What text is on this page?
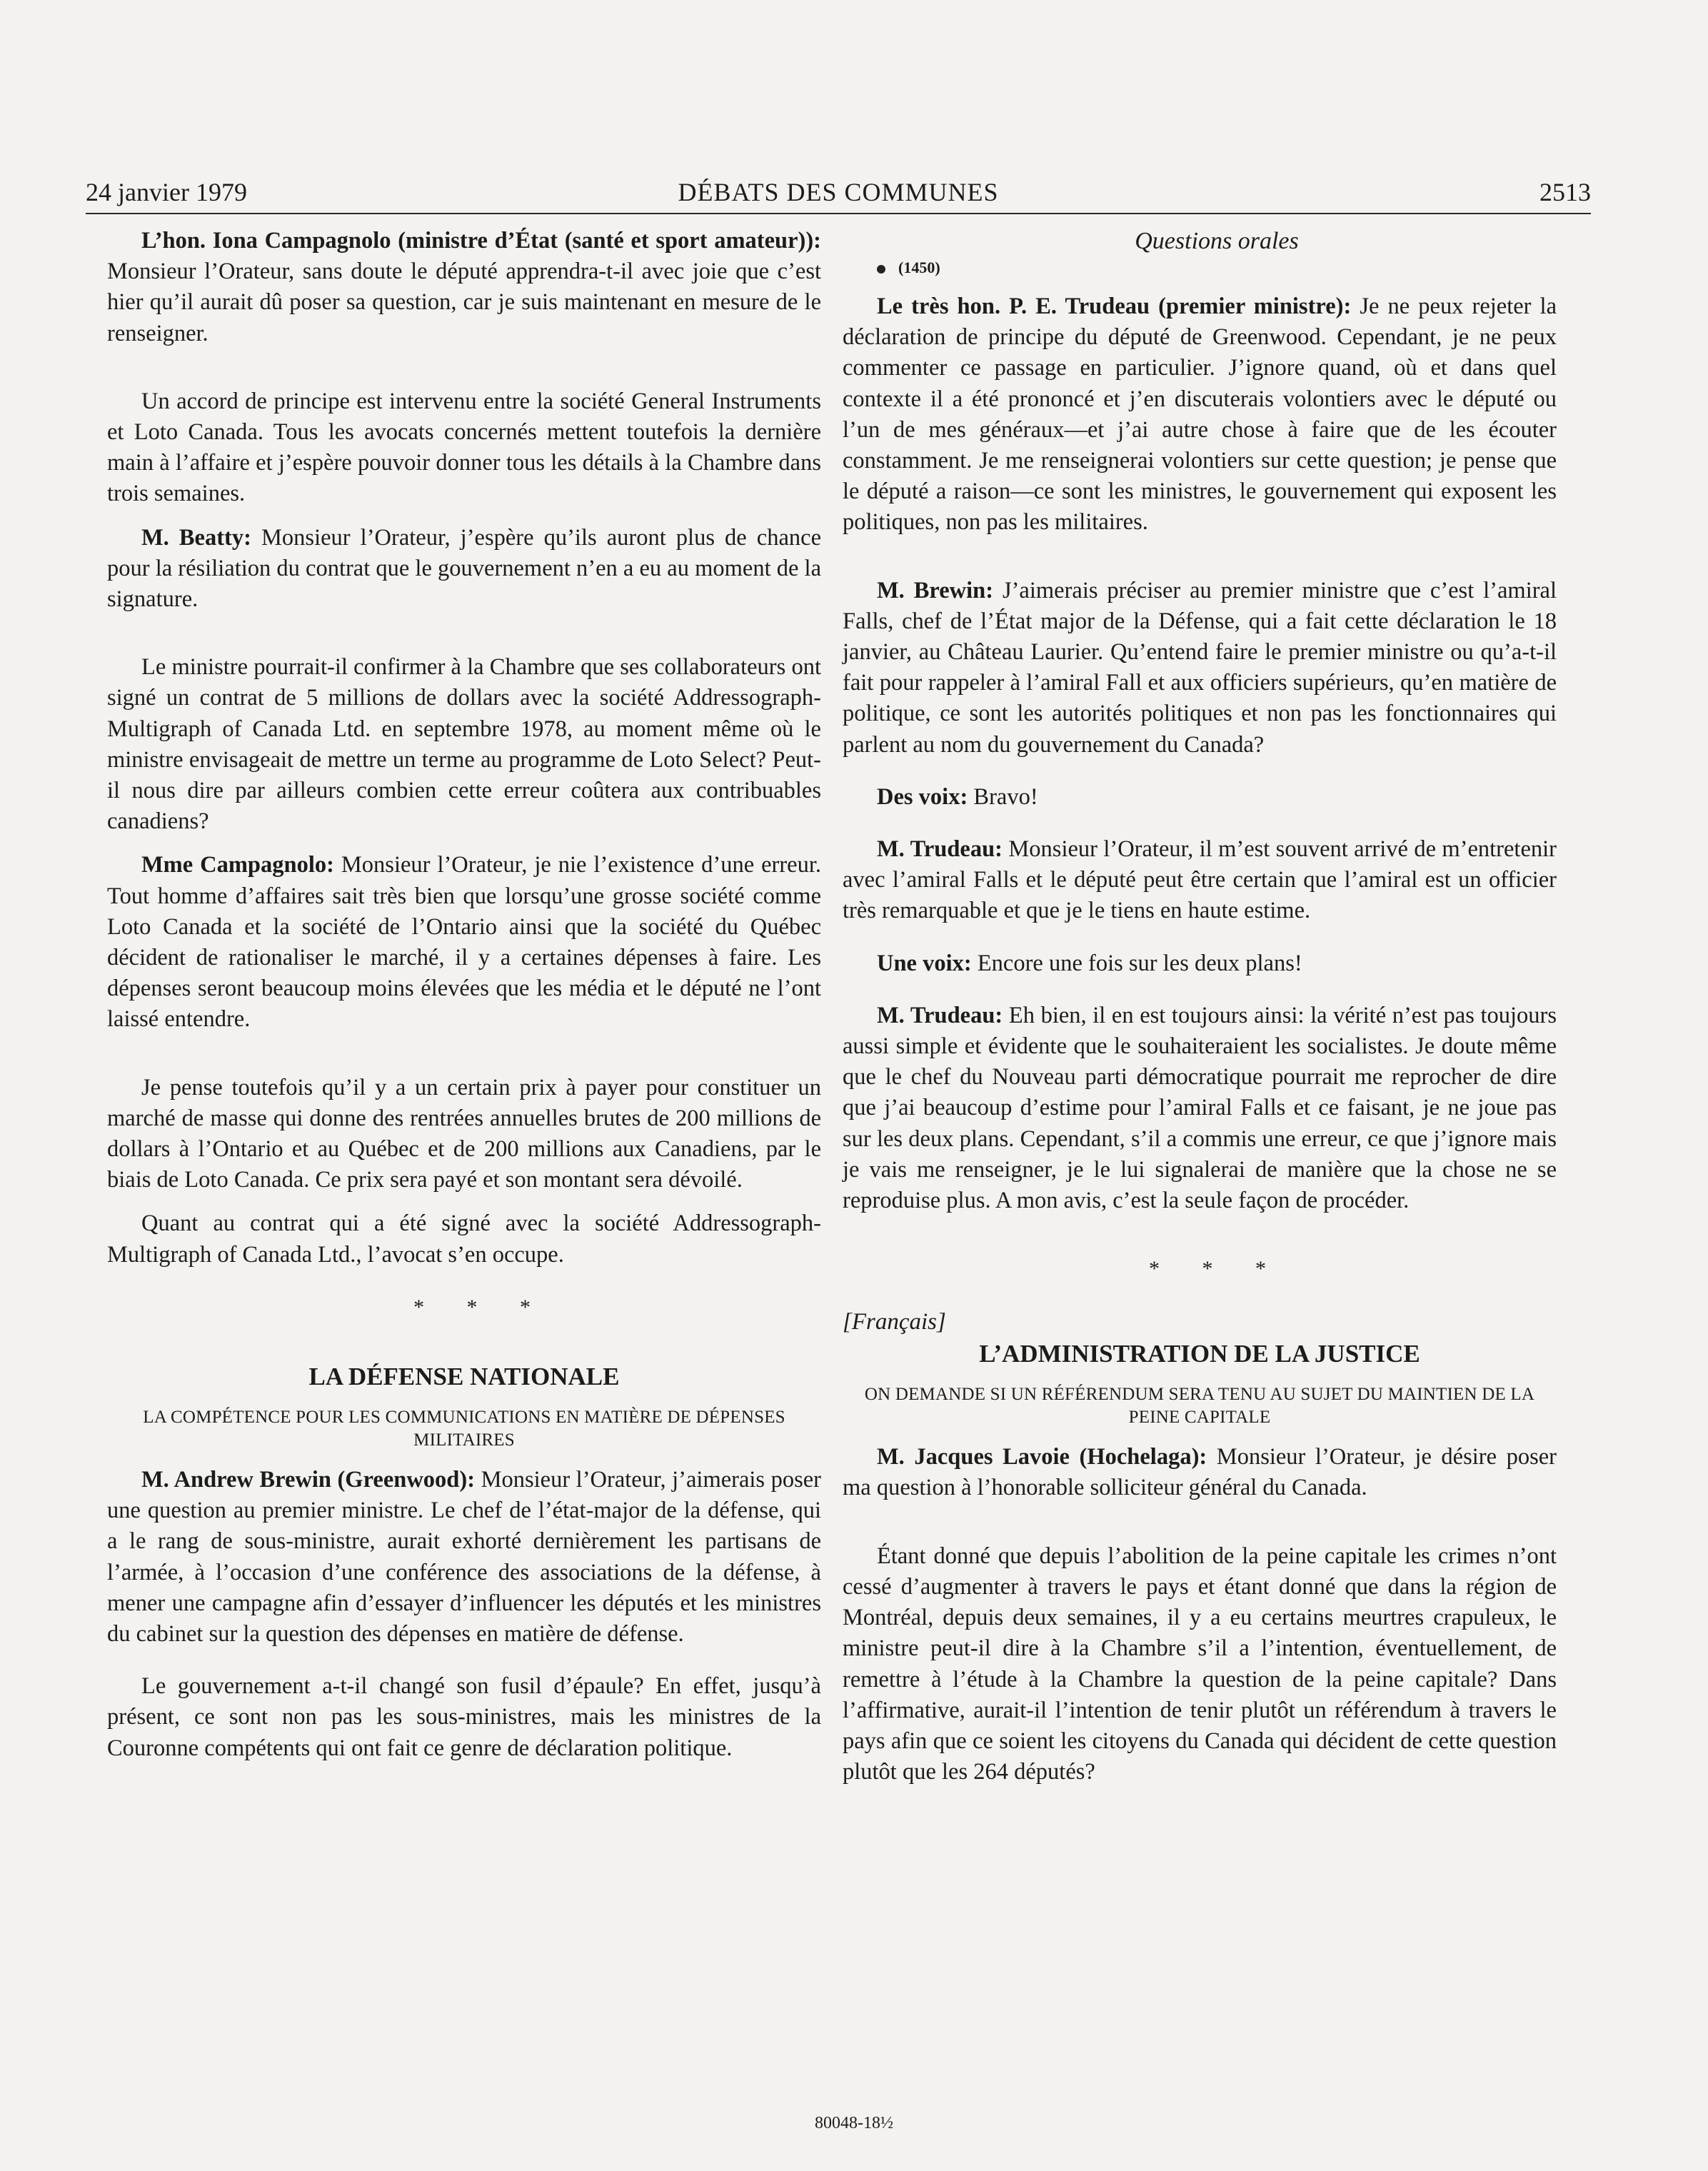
24 janvier 1979	DÉBATS DES COMMUNES	2513

L’hon. Iona Campagnolo (ministre d’État (santé et sport amateur)): Monsieur l’Orateur, sans doute le député apprendra-t-il avec joie que c’est hier qu’il aurait dû poser sa question, car je suis maintenant en mesure de le renseigner.

Un accord de principe est intervenu entre la société General Instruments et Loto Canada. Tous les avocats concernés mettent toutefois la dernière main à l’affaire et j’espère pouvoir donner tous les détails à la Chambre dans trois semaines.

M. Beatty: Monsieur l’Orateur, j’espère qu’ils auront plus de chance pour la résiliation du contrat que le gouvernement n’en a eu au moment de la signature.

Le ministre pourrait-il confirmer à la Chambre que ses collaborateurs ont signé un contrat de 5 millions de dollars avec la société Addressograph-Multigraph of Canada Ltd. en septembre 1978, au moment même où le ministre envisageait de mettre un terme au programme de Loto Select? Peut-il nous dire par ailleurs combien cette erreur coûtera aux contribuables canadiens?

Mme Campagnolo: Monsieur l’Orateur, je nie l’existence d’une erreur. Tout homme d’affaires sait très bien que lorsqu’une grosse société comme Loto Canada et la société de l’Ontario ainsi que la société du Québec décident de rationaliser le marché, il y a certaines dépenses à faire. Les dépenses seront beaucoup moins élevées que les média et le député ne l’ont laissé entendre.

Je pense toutefois qu’il y a un certain prix à payer pour constituer un marché de masse qui donne des rentrées annuelles brutes de 200 millions de dollars à l’Ontario et au Québec et de 200 millions aux Canadiens, par le biais de Loto Canada. Ce prix sera payé et son montant sera dévoilé.

Quant au contrat qui a été signé avec la société Addressograph-Multigraph of Canada Ltd., l’avocat s’en occupe.

* * *

LA DÉFENSE NATIONALE

LA COMPÉTENCE POUR LES COMMUNICATIONS EN MATIÈRE DE DÉPENSES MILITAIRES

M. Andrew Brewin (Greenwood): Monsieur l’Orateur, j’aimerais poser une question au premier ministre. Le chef de l’état-major de la défense, qui a le rang de sous-ministre, aurait exhorté dernièrement les partisans de l’armée, à l’occasion d’une conférence des associations de la défense, à mener une campagne afin d’essayer d’influencer les députés et les ministres du cabinet sur la question des dépenses en matière de défense.

Le gouvernement a-t-il changé son fusil d’épaule? En effet, jusqu’à présent, ce sont non pas les sous-ministres, mais les ministres de la Couronne compétents qui ont fait ce genre de déclaration politique.

Questions orales

(1450)

Le très hon. P. E. Trudeau (premier ministre): Je ne peux rejeter la déclaration de principe du député de Greenwood. Cependant, je ne peux commenter ce passage en particulier. J’ignore quand, où et dans quel contexte il a été prononcé et j’en discuterais volontiers avec le député ou l’un de mes généraux—et j’ai autre chose à faire que de les écouter constamment. Je me renseignerai volontiers sur cette question; je pense que le député a raison—ce sont les ministres, le gouvernement qui exposent les politiques, non pas les militaires.

M. Brewin: J’aimerais préciser au premier ministre que c’est l’amiral Falls, chef de l’État major de la Défense, qui a fait cette déclaration le 18 janvier, au Château Laurier. Qu’entend faire le premier ministre ou qu’a-t-il fait pour rappeler à l’amiral Fall et aux officiers supérieurs, qu’en matière de politique, ce sont les autorités politiques et non pas les fonctionnaires qui parlent au nom du gouvernement du Canada?

Des voix: Bravo!

M. Trudeau: Monsieur l’Orateur, il m’est souvent arrivé de m’entretenir avec l’amiral Falls et le député peut être certain que l’amiral est un officier très remarquable et que je le tiens en haute estime.

Une voix: Encore une fois sur les deux plans!

M. Trudeau: Eh bien, il en est toujours ainsi: la vérité n’est pas toujours aussi simple et évidente que le souhaiteraient les socialistes. Je doute même que le chef du Nouveau parti démocratique pourrait me reprocher de dire que j’ai beaucoup d’estime pour l’amiral Falls et ce faisant, je ne joue pas sur les deux plans. Cependant, s’il a commis une erreur, ce que j’ignore mais je vais me renseigner, je le lui signalerai de manière que la chose ne se reproduise plus. A mon avis, c’est la seule façon de procéder.

* * *

[Français]

L’ADMINISTRATION DE LA JUSTICE

ON DEMANDE SI UN RÉFÉRENDUM SERA TENU AU SUJET DU MAINTIEN DE LA PEINE CAPITALE

M. Jacques Lavoie (Hochelaga): Monsieur l’Orateur, je désire poser ma question à l’honorable solliciteur général du Canada.

Étant donné que depuis l’abolition de la peine capitale les crimes n’ont cessé d’augmenter à travers le pays et étant donné que dans la région de Montréal, depuis deux semaines, il y a eu certains meurtres crapuleux, le ministre peut-il dire à la Chambre s’il a l’intention, éventuellement, de remettre à l’étude à la Chambre la question de la peine capitale? Dans l’affirmative, aurait-il l’intention de tenir plutôt un référendum à travers le pays afin que ce soient les citoyens du Canada qui décident de cette question plutôt que les 264 députés?

80048-18½
